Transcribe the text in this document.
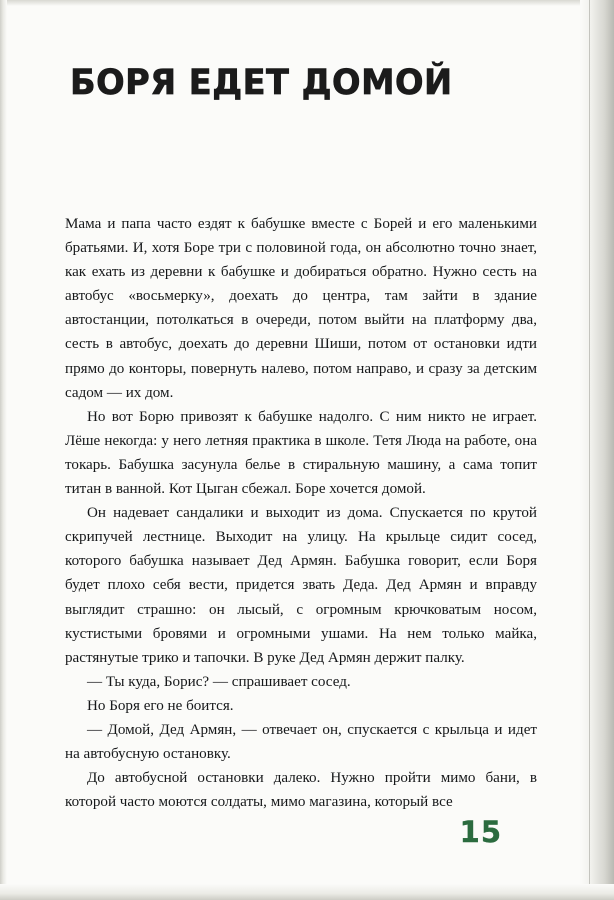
БОРЯ ЕДЕТ ДОМОЙ

Мама и папа часто ездят к бабушке вместе с Борей и его маленькими братьями. И, хотя Боре три с половиной года, он абсолютно точно знает, как ехать из деревни к бабушке и добираться обратно. Нужно сесть на автобус «восьмерку», доехать до центра, там зайти в здание автостанции, потолкаться в очереди, потом выйти на платформу два, сесть в автобус, доехать до деревни Шиши, потом от остановки идти прямо до конторы, повернуть налево, потом направо, и сразу за детским садом — их дом.

Но вот Борю привозят к бабушке надолго. С ним никто не играет. Лёше некогда: у него летняя практика в школе. Тетя Люда на работе, она токарь. Бабушка засунула белье в стиральную машину, а сама топит титан в ванной. Кот Цыган сбежал. Боре хочется домой.

Он надевает сандалики и выходит из дома. Спускается по крутой скрипучей лестнице. Выходит на улицу. На крыльце сидит сосед, которого бабушка называет Дед Армян. Бабушка говорит, если Боря будет плохо себя вести, придется звать Деда. Дед Армян и вправду выглядит страшно: он лысый, с огромным крючковатым носом, кустистыми бровями и огромными ушами. На нем только майка, растянутые трико и тапочки. В руке Дед Армян держит палку.

— Ты куда, Борис? — спрашивает сосед.

Но Боря его не боится.

— Домой, Дед Армян, — отвечает он, спускается с крыльца и идет на автобусную остановку.

До автобусной остановки далеко. Нужно пройти мимо бани, в которой часто моются солдаты, мимо магазина, который все

15
